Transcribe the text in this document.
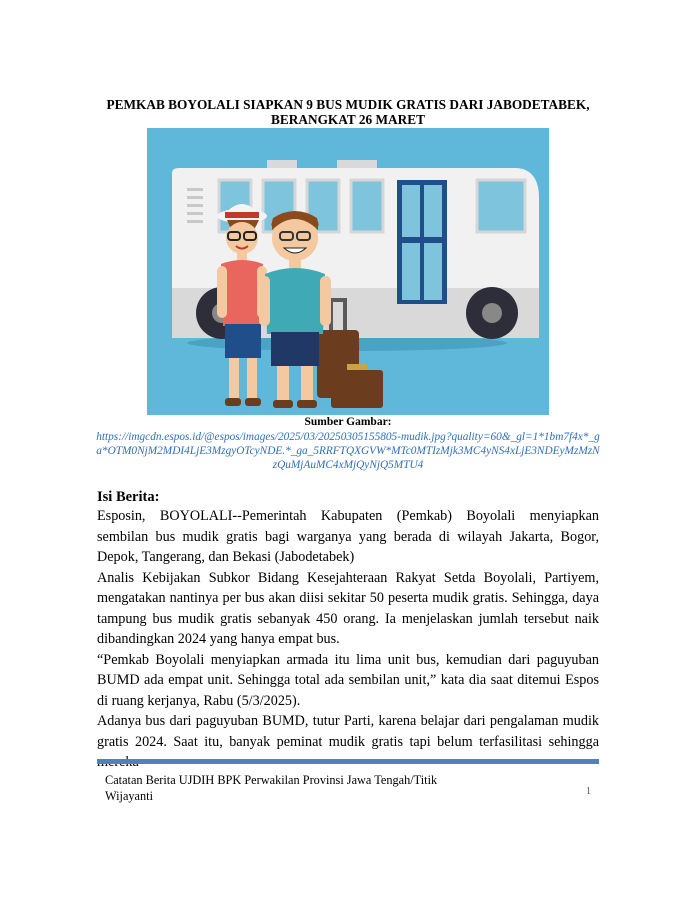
PEMKAB BOYOLALI SIAPKAN 9 BUS MUDIK GRATIS DARI JABODETABEK, BERANGKAT 26 MARET
Sumber Gambar:
https://imgcdn.espos.id/@espos/images/2025/03/20250305155805-mudik.jpg?quality=60&_gl=1*1bm7f4x*_ga*OTM0NjM2MDI4LjE3MzgyOTcyNDE.*_ga_5RRFTQXGVW*MTc0MTIzMjk3MC4yNS4xLjE3NDEyMzMzNzQuMjAuMC4xMjQyNjQ5MTU4
Isi Berita:

Esposin, BOYOLALI--Pemerintah Kabupaten (Pemkab) Boyolali menyiapkan sembilan bus mudik gratis bagi warganya yang berada di wilayah Jakarta, Bogor, Depok, Tangerang, dan Bekasi (Jabodetabek)

Analis Kebijakan Subkor Bidang Kesejahteraan Rakyat Setda Boyolali, Partiyem, mengatakan nantinya per bus akan diisi sekitar 50 peserta mudik gratis. Sehingga, daya tampung bus mudik gratis sebanyak 450 orang. Ia menjelaskan jumlah tersebut naik dibandingkan 2024 yang hanya empat bus.

“Pemkab Boyolali menyiapkan armada itu lima unit bus, kemudian dari paguyuban BUMD ada empat unit. Sehingga total ada sembilan unit,” kata dia saat ditemui Espos di ruang kerjanya, Rabu (5/3/2025).

Adanya bus dari paguyuban BUMD, tutur Parti, karena belajar dari pengalaman mudik gratis 2024. Saat itu, banyak peminat mudik gratis tapi belum terfasilitasi sehingga

Catatan Berita UJDIH BPK Perwakilan Provinsi Jawa Tengah/Titik Wijayanti	1
